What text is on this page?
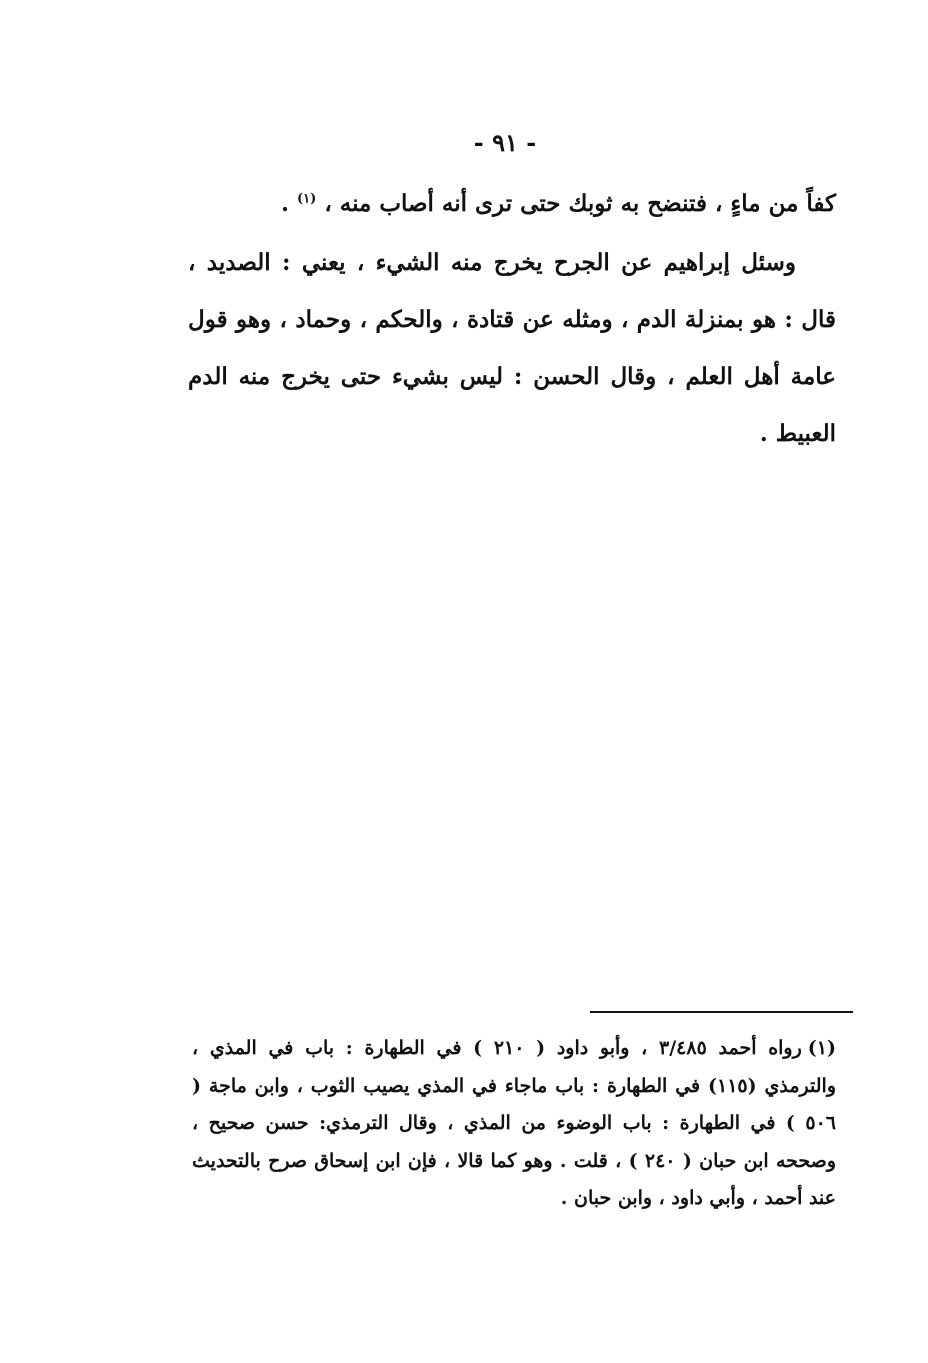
- ٩١ -

كفاً من ماءٍ ، فتنضح به ثوبك حتى ترى أنه أصاب منه ، $^{(١)}$ .

وسئل إبراهيم عن الجرح يخرج منه الشيء ، يعني : الصديد ، قال : هو بمنزلة الدم ، ومثله عن قتادة ، والحكم ، وحماد ، وهو قول عامة أهل العلم ، وقال الحسن : ليس بشيء حتى يخرج منه الدم العبيط .

(١)رواه أحمد ٣/٤٨٥ ، وأبو داود ( ٢١٠ ) في الطهارة : باب في المذي ، والترمذي (١١٥) في الطهارة : باب ماجاء في المذي يصيب الثوب ، وابن ماجة ( ٥٠٦ ) في الطهارة : باب الوضوء من المذي ، وقال الترمذي: حسن صحيح ، وصححه ابن حبان ( ٢٤٠ ) ، قلت . وهو كما قالا ، فإن ابن إسحاق صرح بالتحديث عند أحمد ، وأبي داود ، وابن حبان .
